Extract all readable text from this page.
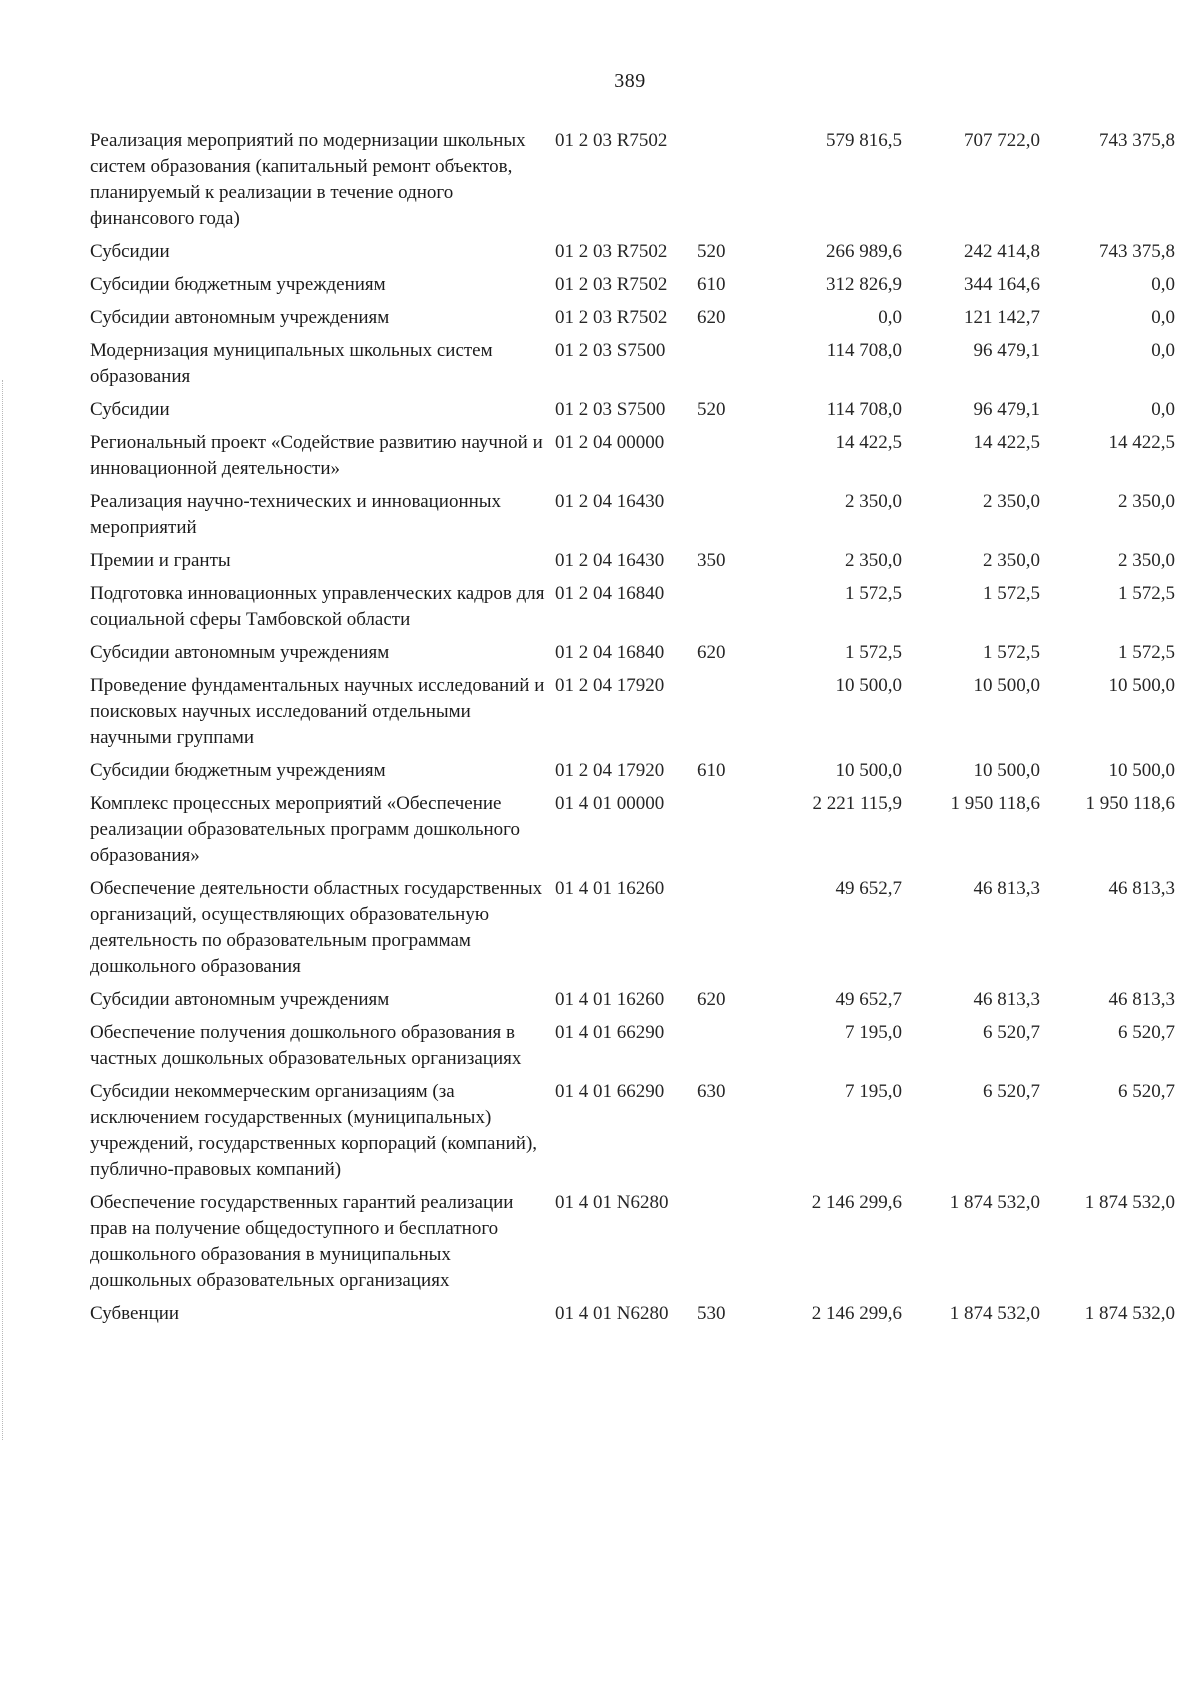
389
Реализация мероприятий по модернизации школьных систем образования (капитальный ремонт объектов, планируемый к реализации в течение одного финансового года)	01 2 03 R7502		579 816,5	707 722,0	743 375,8
Субсидии	01 2 03 R7502	520	266 989,6	242 414,8	743 375,8
Субсидии бюджетным учреждениям	01 2 03 R7502	610	312 826,9	344 164,6	0,0
Субсидии автономным учреждениям	01 2 03 R7502	620	0,0	121 142,7	0,0
Модернизация муниципальных школьных систем образования	01 2 03 S7500		114 708,0	96 479,1	0,0
Субсидии	01 2 03 S7500	520	114 708,0	96 479,1	0,0
Региональный проект «Содействие развитию научной и инновационной деятельности»	01 2 04 00000		14 422,5	14 422,5	14 422,5
Реализация научно-технических и инновационных мероприятий	01 2 04 16430		2 350,0	2 350,0	2 350,0
Премии и гранты	01 2 04 16430	350	2 350,0	2 350,0	2 350,0
Подготовка инновационных управленческих кадров для социальной сферы Тамбовской области	01 2 04 16840		1 572,5	1 572,5	1 572,5
Субсидии автономным учреждениям	01 2 04 16840	620	1 572,5	1 572,5	1 572,5
Проведение фундаментальных научных исследований и поисковых научных исследований отдельными научными группами	01 2 04 17920		10 500,0	10 500,0	10 500,0
Субсидии бюджетным учреждениям	01 2 04 17920	610	10 500,0	10 500,0	10 500,0
Комплекс процессных мероприятий «Обеспечение реализации образовательных программ дошкольного образования»	01 4 01 00000		2 221 115,9	1 950 118,6	1 950 118,6
Обеспечение деятельности областных государственных организаций, осуществляющих образовательную деятельность по образовательным программам дошкольного образования	01 4 01 16260		49 652,7	46 813,3	46 813,3
Субсидии автономным учреждениям	01 4 01 16260	620	49 652,7	46 813,3	46 813,3
Обеспечение получения дошкольного образования в частных дошкольных образовательных организациях	01 4 01 66290		7 195,0	6 520,7	6 520,7
Субсидии некоммерческим организациям (за исключением государственных (муниципальных) учреждений, государственных корпораций (компаний), публично-правовых компаний)	01 4 01 66290	630	7 195,0	6 520,7	6 520,7
Обеспечение государственных гарантий реализации прав на получение общедоступного и бесплатного дошкольного образования в муниципальных дошкольных образовательных организациях	01 4 01 N6280		2 146 299,6	1 874 532,0	1 874 532,0
Субвенции	01 4 01 N6280	530	2 146 299,6	1 874 532,0	1 874 532,0
